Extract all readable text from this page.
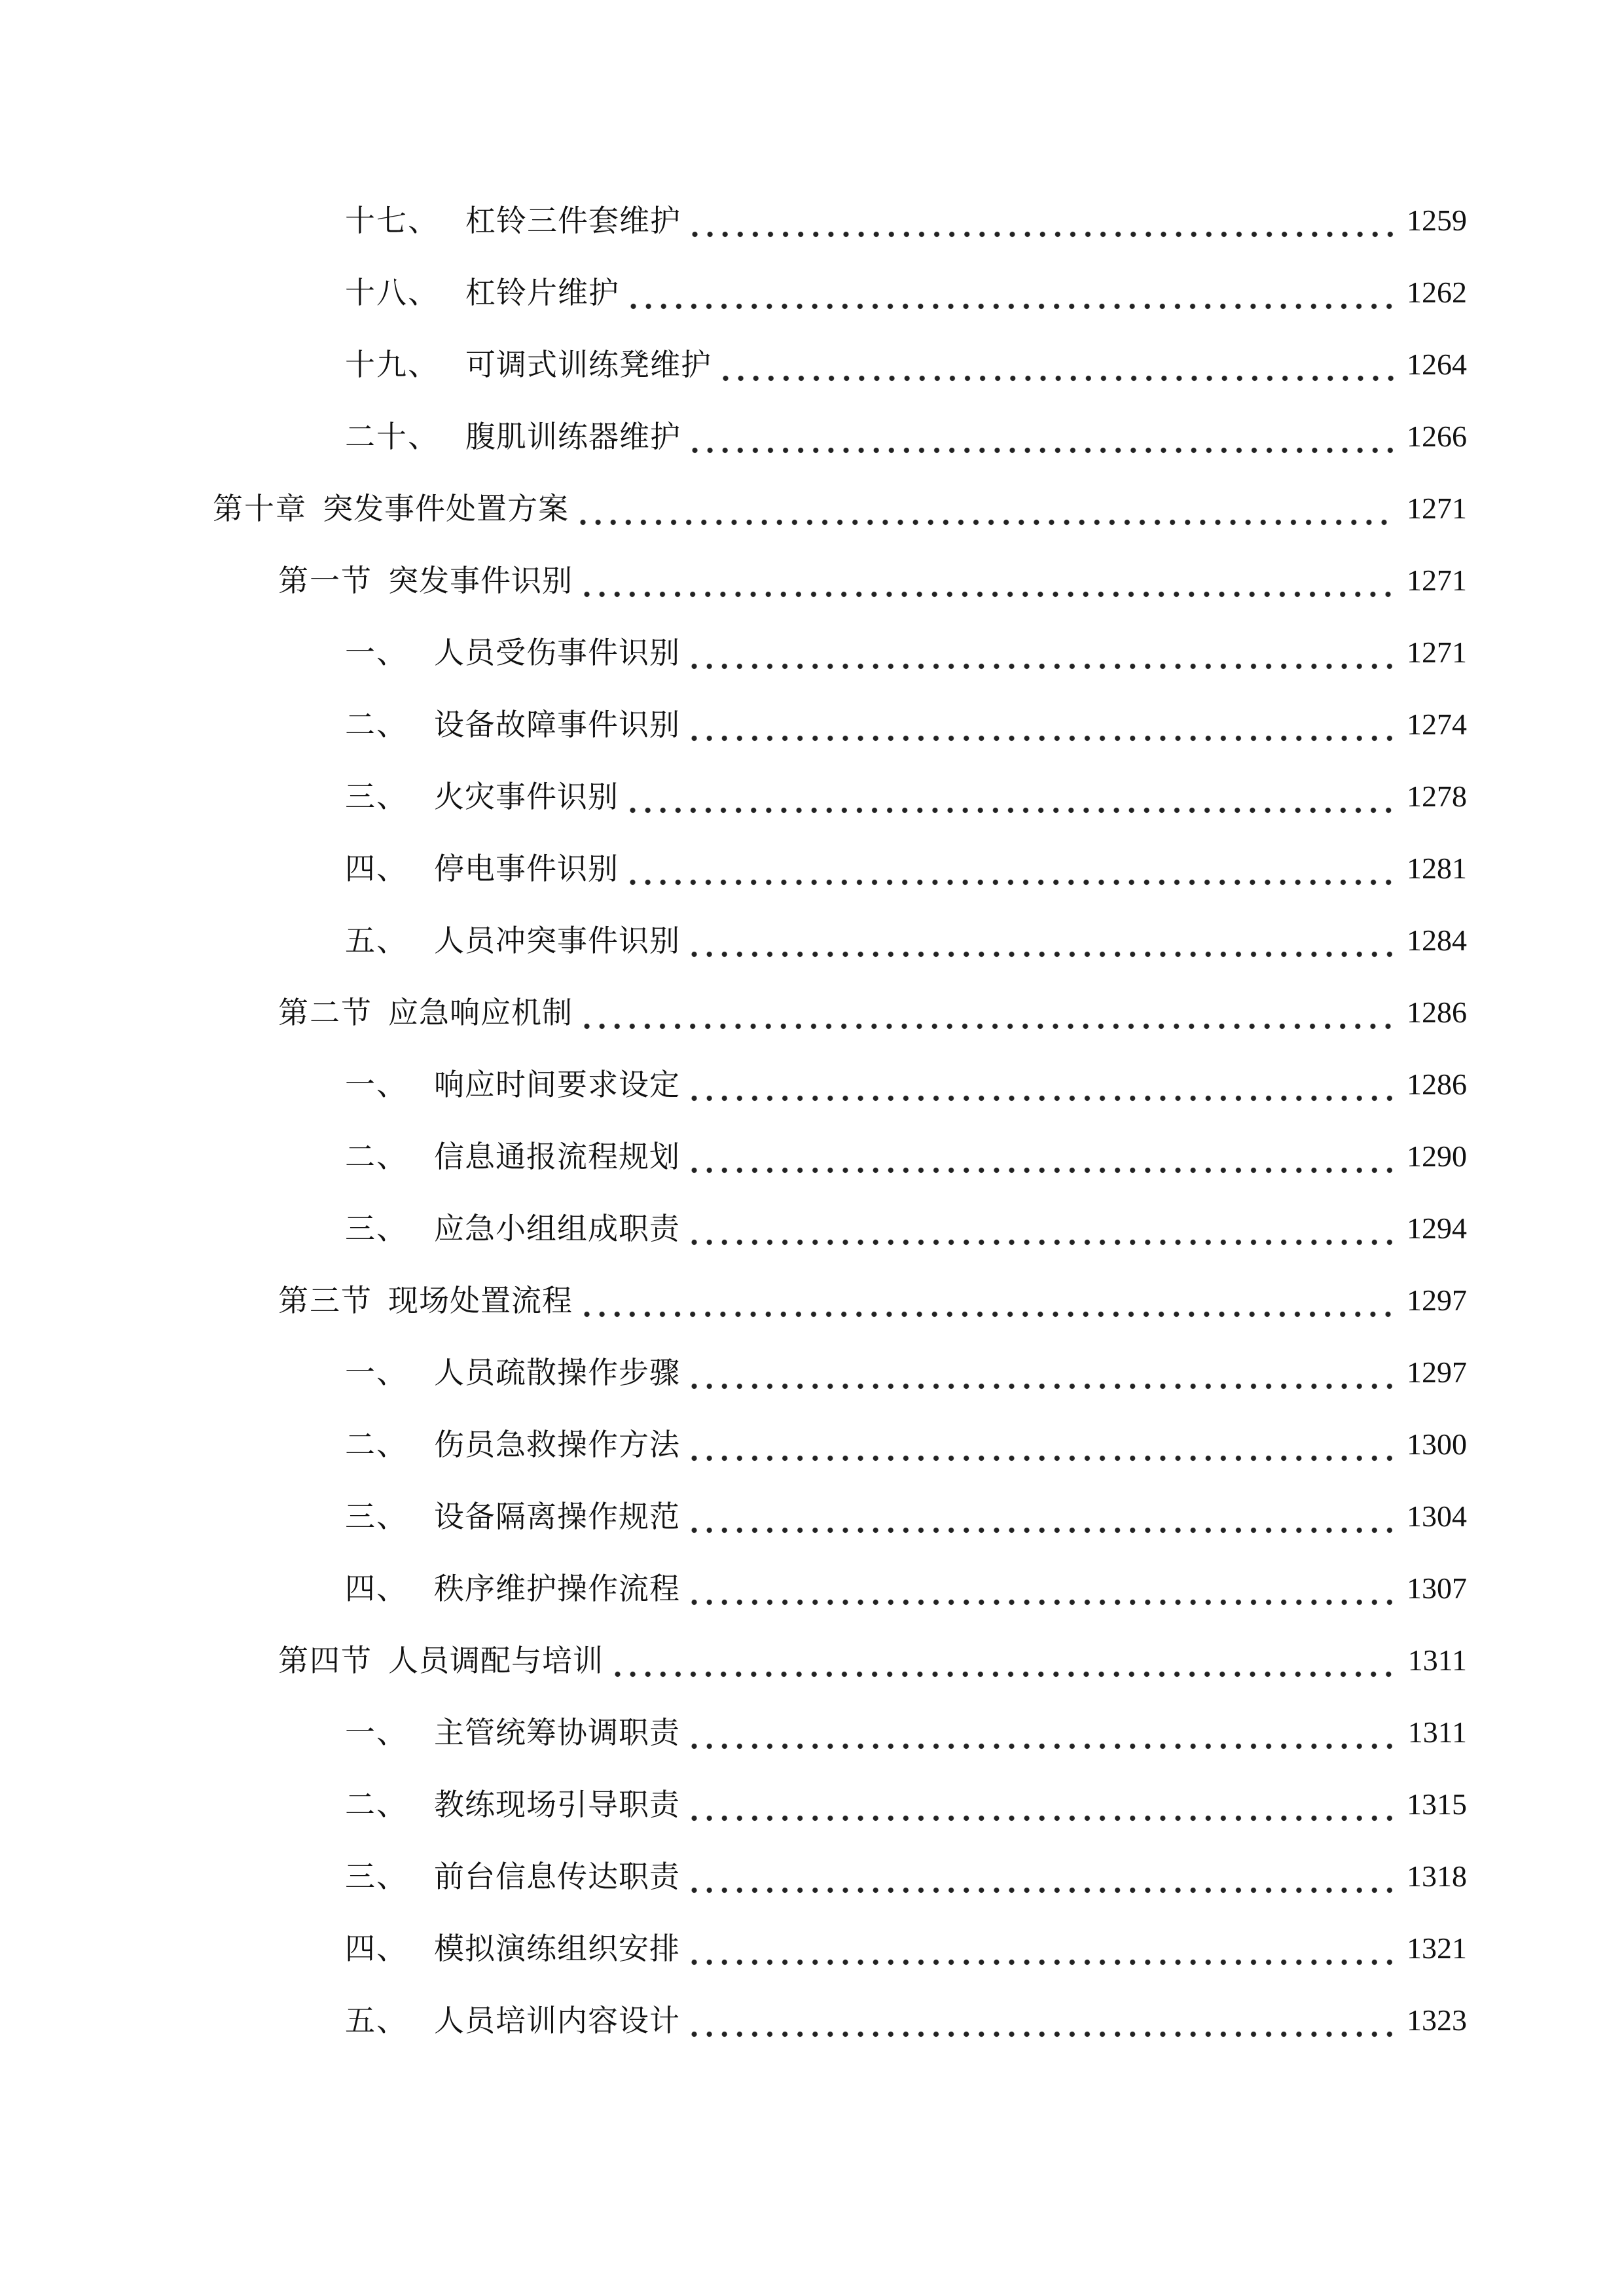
十七、 杠铃三件套维护	1259
十八、 杠铃片维护	1262
十九、 可调式训练凳维护	1264
二十、 腹肌训练器维护	1266
第十章 突发事件处置方案	1271
第一节 突发事件识别	1271
一、 人员受伤事件识别	1271
二、 设备故障事件识别	1274
三、 火灾事件识别	1278
四、 停电事件识别	1281
五、 人员冲突事件识别	1284
第二节 应急响应机制	1286
一、 响应时间要求设定	1286
二、 信息通报流程规划	1290
三、 应急小组组成职责	1294
第三节 现场处置流程	1297
一、 人员疏散操作步骤	1297
二、 伤员急救操作方法	1300
三、 设备隔离操作规范	1304
四、 秩序维护操作流程	1307
第四节 人员调配与培训	1311
一、 主管统筹协调职责	1311
二、 教练现场引导职责	1315
三、 前台信息传达职责	1318
四、 模拟演练组织安排	1321
五、 人员培训内容设计	1323
